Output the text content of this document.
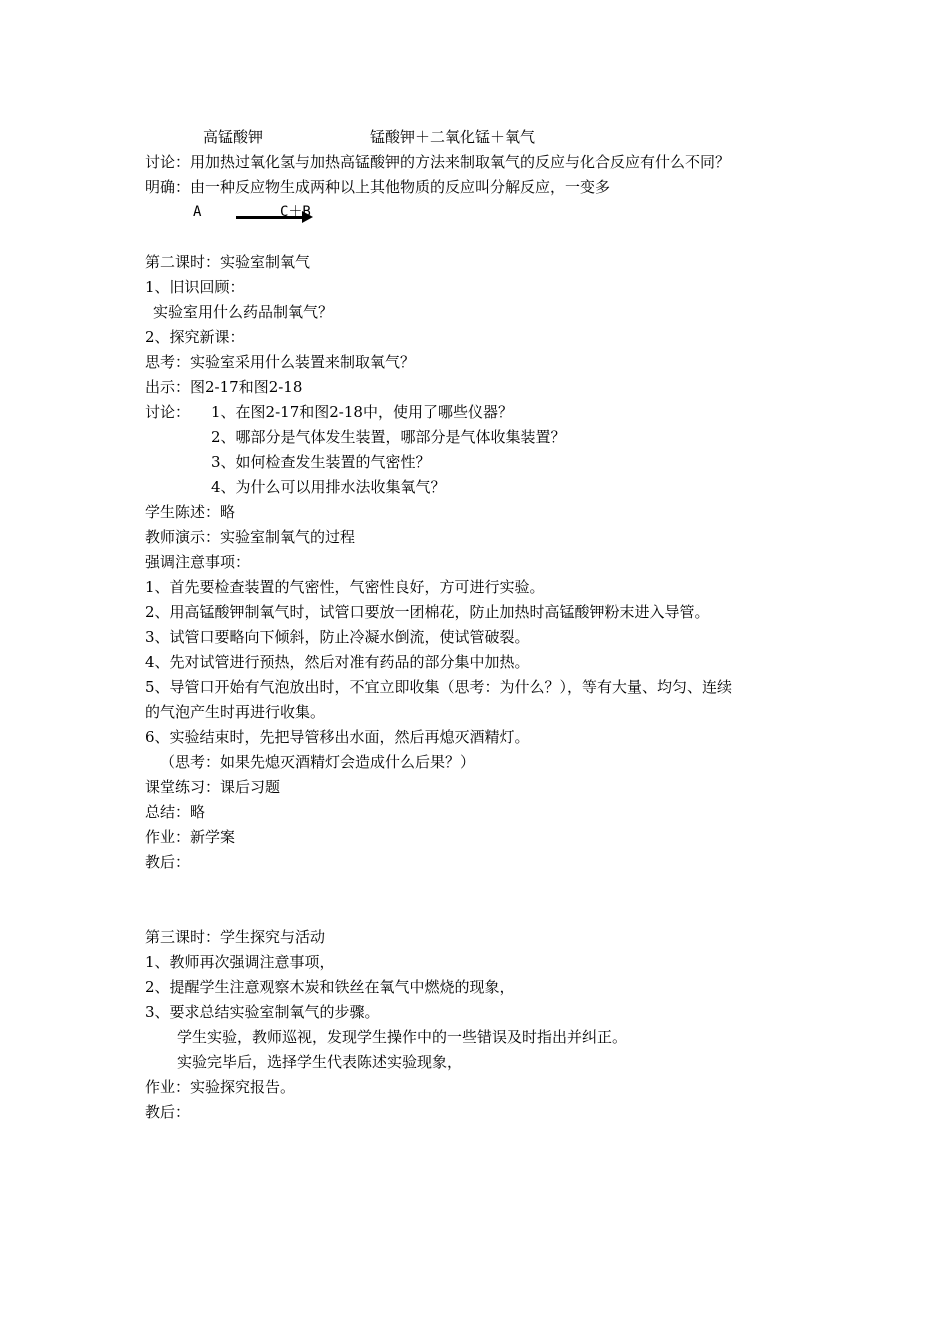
高锰酸钾	锰酸钾＋二氧化锰＋氧气
讨论：用加热过氧化氢与加热高锰酸钾的方法来制取氧气的反应与化合反应有什么不同？
明确：由一种反应物生成两种以上其他物质的反应叫分解反应，一变多
A	C＋B
第二课时：实验室制氧气
1、旧识回顾：
实验室用什么药品制氧气？
2、探究新课：
思考：实验室采用什么装置来制取氧气？
出示：图2-17和图2-18
讨论： 1、在图2-17和图2-18中，使用了哪些仪器？
2、哪部分是气体发生装置，哪部分是气体收集装置？
3、如何检查发生装置的气密性？
4、为什么可以用排水法收集氧气？
学生陈述：略
教师演示：实验室制氧气的过程
强调注意事项：
1、首先要检查装置的气密性，气密性良好，方可进行实验。
2、用高锰酸钾制氧气时，试管口要放一团棉花，防止加热时高锰酸钾粉末进入导管。
3、试管口要略向下倾斜，防止冷凝水倒流，使试管破裂。
4、先对试管进行预热，然后对准有药品的部分集中加热。
5、导管口开始有气泡放出时，不宜立即收集（思考：为什么？），等有大量、均匀、连续
的气泡产生时再进行收集。
6、实验结束时，先把导管移出水面，然后再熄灭酒精灯。
（思考：如果先熄灭酒精灯会造成什么后果？）
课堂练习：课后习题
总结：略
作业：新学案
教后：
第三课时：学生探究与活动
1、教师再次强调注意事项，
2、提醒学生注意观察木炭和铁丝在氧气中燃烧的现象，
3、要求总结实验室制氧气的步骤。
学生实验，教师巡视，发现学生操作中的一些错误及时指出并纠正。
实验完毕后，选择学生代表陈述实验现象，
作业：实验探究报告。
教后：
